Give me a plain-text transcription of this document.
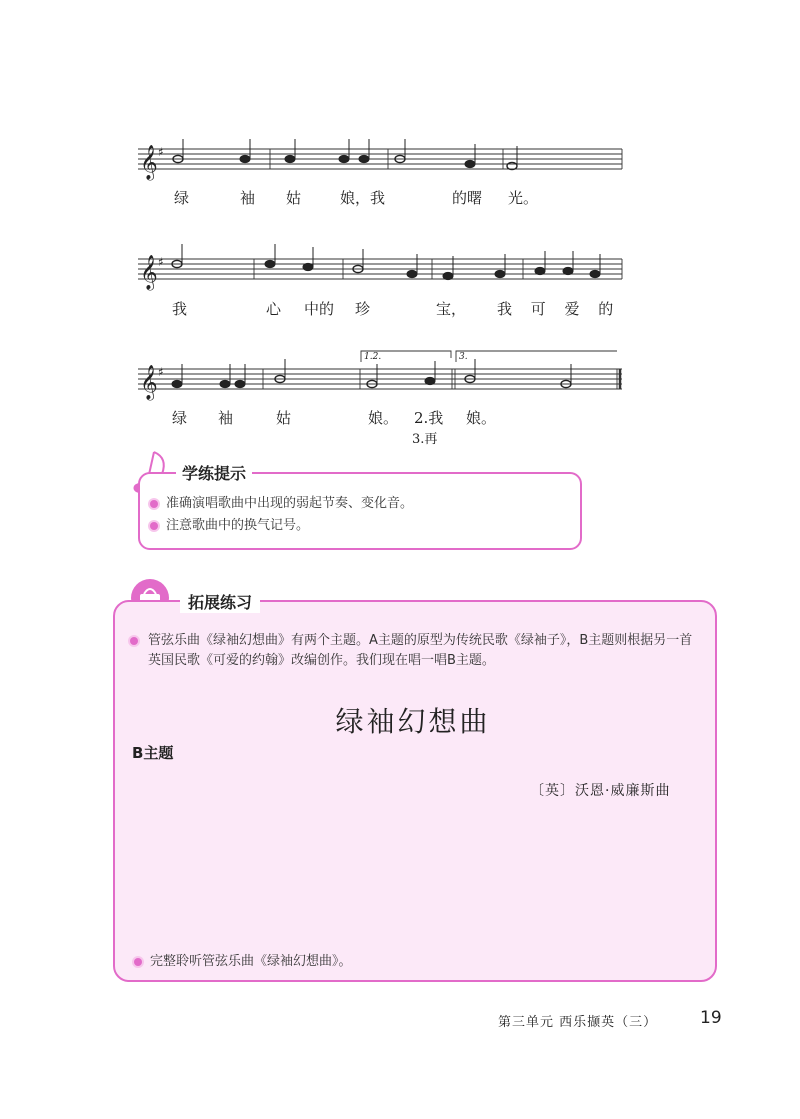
𝄞 ♯
𝄞 ♯
𝄞 ♯
1.2.	3.
绿	袖 姑	娘，我	的曙 光。
我	心 中的 珍	宝， 我 可 爱 的
绿 袖	姑	娘。 2.我 娘。
3.再
学练提示
准确演唱歌曲中出现的弱起节奏、变化音。
注意歌曲中的换气记号。
拓展练习
管弦乐曲《绿袖幻想曲》有两个主题。A主题的原型为传统民歌《绿袖子》，B主题则根据另一首英国民歌《可爱的约翰》改编创作。我们现在唱一唱B主题。
绿袖幻想曲
B主题
〔英〕沃恩·威廉斯曲
完整聆听管弦乐曲《绿袖幻想曲》。
第三单元 西乐撷英（三）	19
